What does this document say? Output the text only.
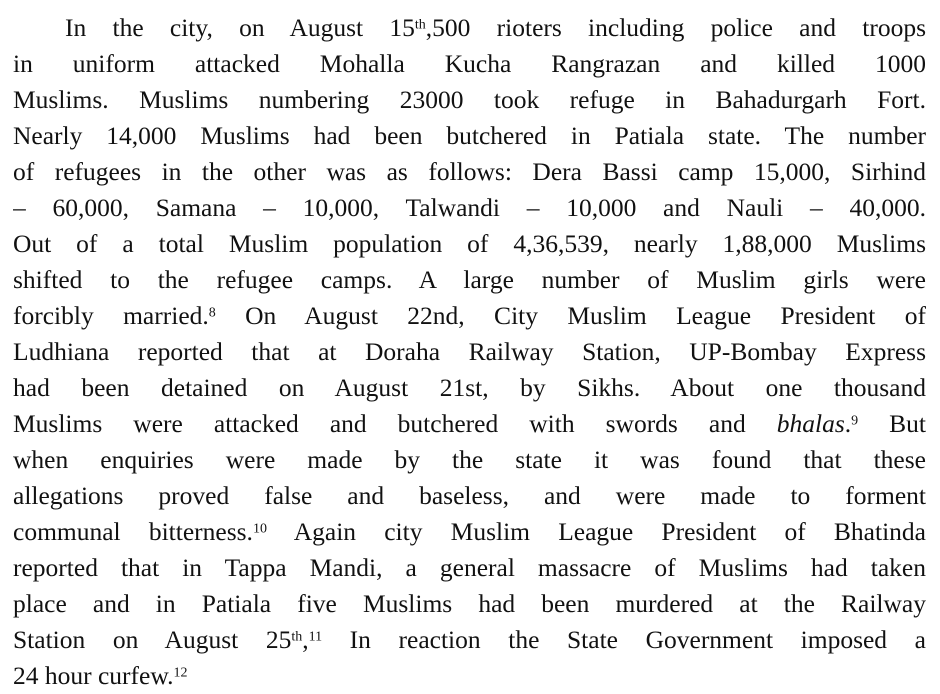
In the city, on August 15th,500 rioters including police and troops
in uniform attacked Mohalla Kucha Rangrazan and killed 1000
Muslims. Muslims numbering 23000 took refuge in Bahadurgarh Fort.
Nearly 14,000 Muslims had been butchered in Patiala state. The number
of refugees in the other was as follows: Dera Bassi camp 15,000, Sirhind
– 60,000, Samana – 10,000, Talwandi – 10,000 and Nauli – 40,000.
Out of a total Muslim population of 4,36,539, nearly 1,88,000 Muslims
shifted to the refugee camps. A large number of Muslim girls were
forcibly married.$^8$ On August 22nd, City Muslim League President of
Ludhiana reported that at Doraha Railway Station, UP-Bombay Express
had been detained on August 21st, by Sikhs. About one thousand
Muslims were attacked and butchered with swords and bhalas.$^9$ But
when enquiries were made by the state it was found that these
allegations proved false and baseless, and were made to forment
communal bitterness.$^{10}$ Again city Muslim League President of Bhatinda
reported that in Tappa Mandi, a general massacre of Muslims had taken
place and in Patiala five Muslims had been murdered at the Railway
Station on August 25th,$^{11}$ In reaction the State Government imposed a
24 hour curfew.$^{12}$
